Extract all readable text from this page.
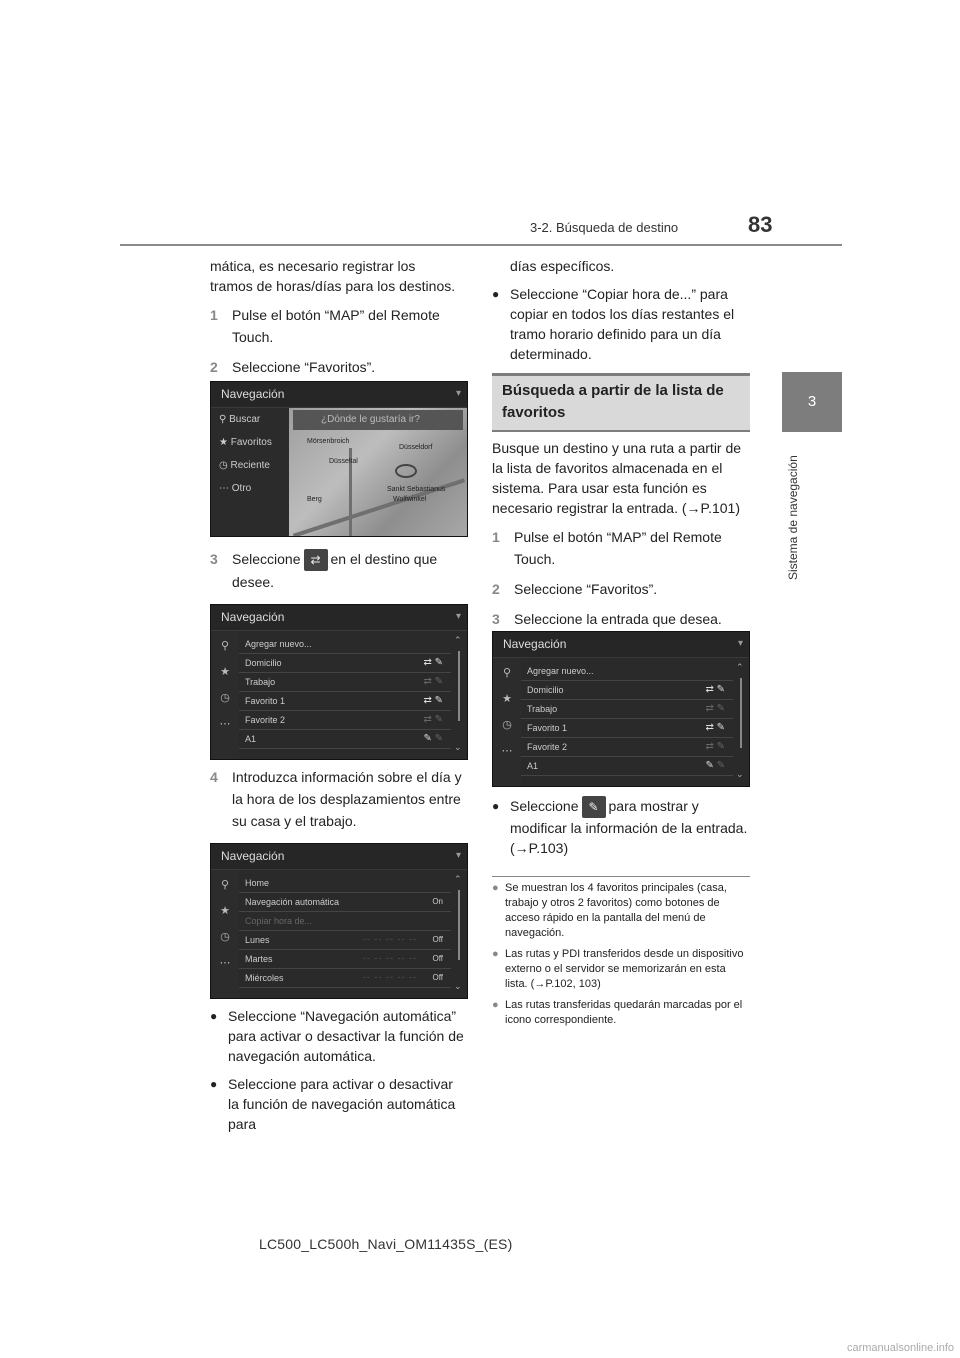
3-2. Búsqueda de destino	83
3
Sistema de navegación
mática, es necesario registrar los tramos de horas/días para los destinos.
1 Pulse el botón “MAP” del Remote Touch.
2 Seleccione “Favoritos”.
Navegación	▾
⚲ Buscar
★ Favoritos
◷ Reciente
⋯ Otro
¿Dónde le gustaría ir?
Mörsenbroich
Düsseldorf
Sankt Sebastianus
Wolfwinkel
Berg
Düsseltal
3 Seleccione ⇄ en el destino que desee.
Navegación	▾
⚲
★
◷
⋯
Agregar nuevo...
Domicilio	⇄ ✎
Trabajo	⇄ ✎
Favorito 1	⇄ ✎
Favorite 2	⇄ ✎
A1	✎ ✎
⌃
⌄
4 Introduzca información sobre el día y la hora de los desplazamientos entre su casa y el trabajo.
Navegación	▾
⚲
★
◷
⋯
Home
Navegación automática	On
Copiar hora de...
Lunes	-- -- -- -- -- Off
Martes	-- -- -- -- -- Off
Miércoles	-- -- -- -- -- Off
⌃
⌄
● Seleccione “Navegación automática” para activar o desactivar la función de navegación automática.
● Seleccione para activar o desactivar la función de navegación automática para
días específicos.
● Seleccione “Copiar hora de...” para copiar en todos los días restantes el tramo horario definido para un día determinado.
Búsqueda a partir de la lista de favoritos
Busque un destino y una ruta a partir de la lista de favoritos almacenada en el sistema. Para usar esta función es necesario registrar la entrada. (→P.101)
1 Pulse el botón “MAP” del Remote Touch.
2 Seleccione “Favoritos”.
3 Seleccione la entrada que desea.
Navegación	▾
⚲
★
◷
⋯
Agregar nuevo...
Domicilio	⇄ ✎
Trabajo	⇄ ✎
Favorito 1	⇄ ✎
Favorite 2	⇄ ✎
A1	✎ ✎
⌃
⌄
● Seleccione ✎ para mostrar y modificar la información de la entrada. (→P.103)
● Se muestran los 4 favoritos principales (casa, trabajo y otros 2 favoritos) como botones de acceso rápido en la pantalla del menú de navegación.
● Las rutas y PDI transferidos desde un dispositivo externo o el servidor se memorizarán en esta lista. (→P.102, 103)
● Las rutas transferidas quedarán marcadas por el icono correspondiente.
LC500_LC500h_Navi_OM11435S_(ES)
carmanualsonline.info
